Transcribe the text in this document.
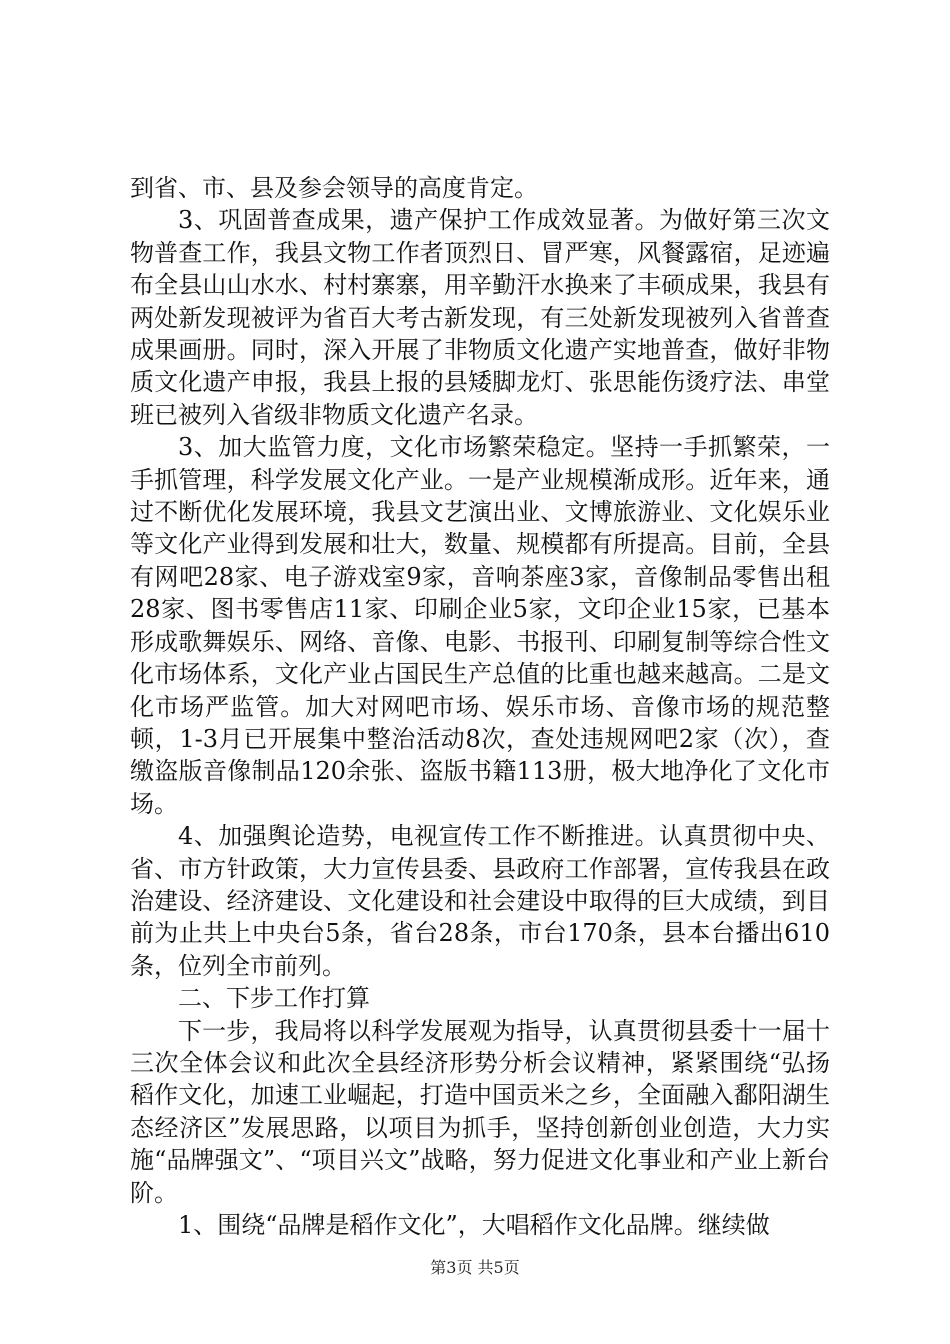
到省、市、县及参会领导的高度肯定。

3、巩固普查成果，遗产保护工作成效显著。为做好第三次文物普查工作，我县文物工作者顶烈日、冒严寒，风餐露宿，足迹遍布全县山山水水、村村寨寨，用辛勤汗水换来了丰硕成果，我县有两处新发现被评为省百大考古新发现，有三处新发现被列入省普查成果画册。同时，深入开展了非物质文化遗产实地普查，做好非物质文化遗产申报，我县上报的县矮脚龙灯、张思能伤烫疗法、串堂班已被列入省级非物质文化遗产名录。

3、加大监管力度，文化市场繁荣稳定。坚持一手抓繁荣，一手抓管理，科学发展文化产业。一是产业规模渐成形。近年来，通过不断优化发展环境，我县文艺演出业、文博旅游业、文化娱乐业等文化产业得到发展和壮大，数量、规模都有所提高。目前，全县有网吧28家、电子游戏室9家，音响茶座3家，音像制品零售出租28家、图书零售店11家、印刷企业5家，文印企业15家，已基本形成歌舞娱乐、网络、音像、电影、书报刊、印刷复制等综合性文化市场体系，文化产业占国民生产总值的比重也越来越高。二是文化市场严监管。加大对网吧市场、娱乐市场、音像市场的规范整顿，1-3月已开展集中整治活动8次，查处违规网吧2家（次），查缴盗版音像制品120余张、盗版书籍113册，极大地净化了文化市场。

4、加强舆论造势，电视宣传工作不断推进。认真贯彻中央、省、市方针政策，大力宣传县委、县政府工作部署，宣传我县在政治建设、经济建设、文化建设和社会建设中取得的巨大成绩，到目前为止共上中央台5条，省台28条，市台170条，县本台播出610条，位列全市前列。

二、下步工作打算

下一步，我局将以科学发展观为指导，认真贯彻县委十一届十三次全体会议和此次全县经济形势分析会议精神，紧紧围绕“弘扬稻作文化，加速工业崛起，打造中国贡米之乡，全面融入鄱阳湖生态经济区”发展思路，以项目为抓手，坚持创新创业创造，大力实施“品牌强文”、“项目兴文”战略，努力促进文化事业和产业上新台阶。

1、围绕“品牌是稻作文化”，大唱稻作文化品牌。继续做

第3页 共5页
